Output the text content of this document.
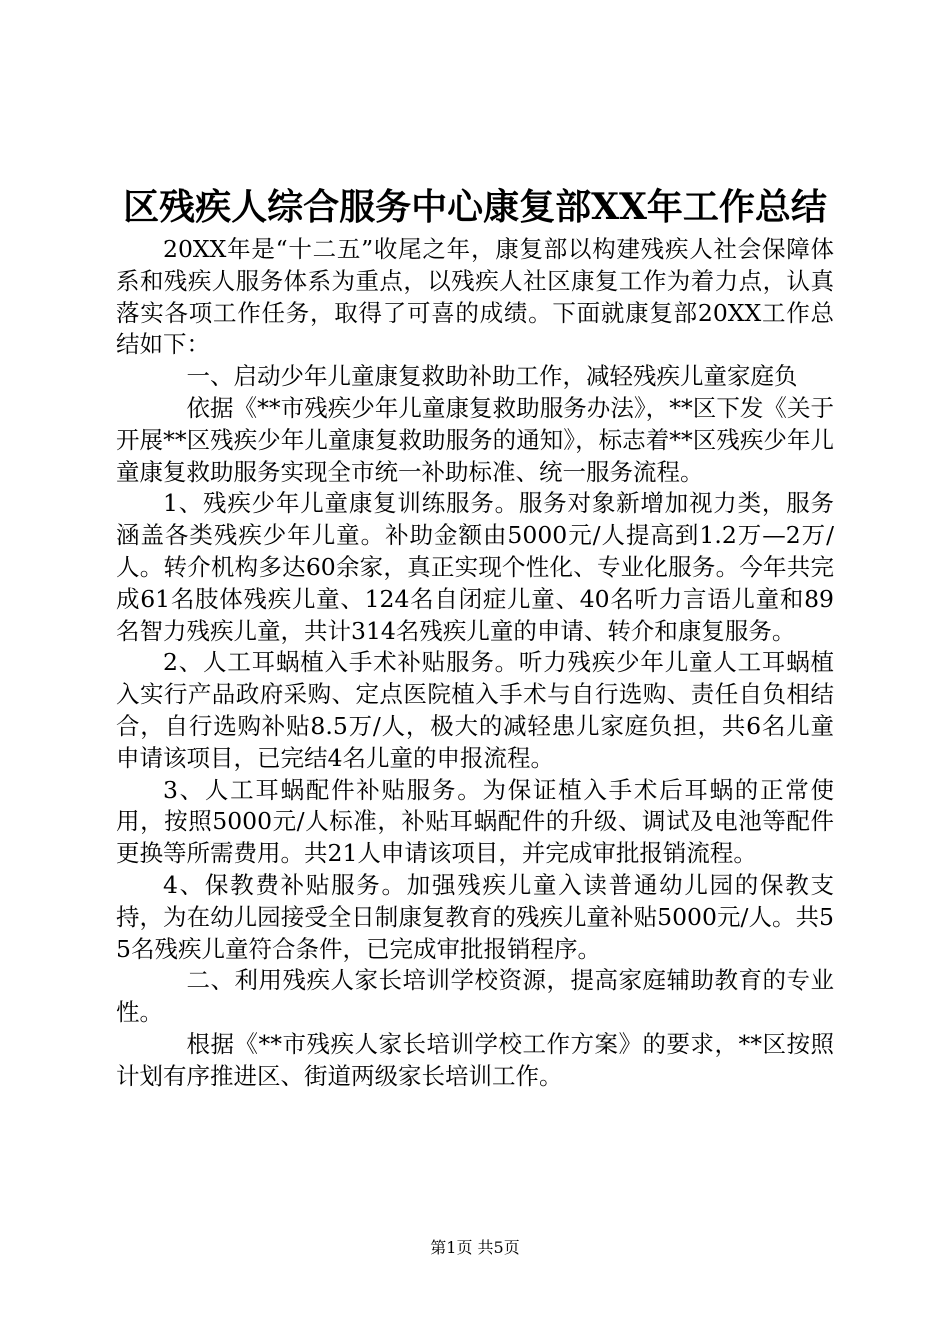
区残疾人综合服务中心康复部XX年工作总结

20XX年是“十二五”收尾之年，康复部以构建残疾人社会保障体系和残疾人服务体系为重点，以残疾人社区康复工作为着力点，认真落实各项工作任务，取得了可喜的成绩。下面就康复部20XX工作总结如下：

一、启动少年儿童康复救助补助工作，减轻残疾儿童家庭负

依据《**市残疾少年儿童康复救助服务办法》，**区下发《关于开展**区残疾少年儿童康复救助服务的通知》，标志着**区残疾少年儿童康复救助服务实现全市统一补助标准、统一服务流程。

1、残疾少年儿童康复训练服务。服务对象新增加视力类，服务涵盖各类残疾少年儿童。补助金额由5000元/人提高到1.2万—2万/人。转介机构多达60余家，真正实现个性化、专业化服务。今年共完成61名肢体残疾儿童、124名自闭症儿童、40名听力言语儿童和89名智力残疾儿童，共计314名残疾儿童的申请、转介和康复服务。

2、人工耳蜗植入手术补贴服务。听力残疾少年儿童人工耳蜗植入实行产品政府采购、定点医院植入手术与自行选购、责任自负相结合，自行选购补贴8.5万/人，极大的减轻患儿家庭负担，共6名儿童申请该项目，已完结4名儿童的申报流程。

3、人工耳蜗配件补贴服务。为保证植入手术后耳蜗的正常使用，按照5000元/人标准，补贴耳蜗配件的升级、调试及电池等配件更换等所需费用。共21人申请该项目，并完成审批报销流程。

4、保教费补贴服务。加强残疾儿童入读普通幼儿园的保教支持，为在幼儿园接受全日制康复教育的残疾儿童补贴5000元/人。共55名残疾儿童符合条件，已完成审批报销程序。

二、利用残疾人家长培训学校资源，提高家庭辅助教育的专业性。

根据《**市残疾人家长培训学校工作方案》的要求，**区按照计划有序推进区、街道两级家长培训工作。

第1页 共5页
